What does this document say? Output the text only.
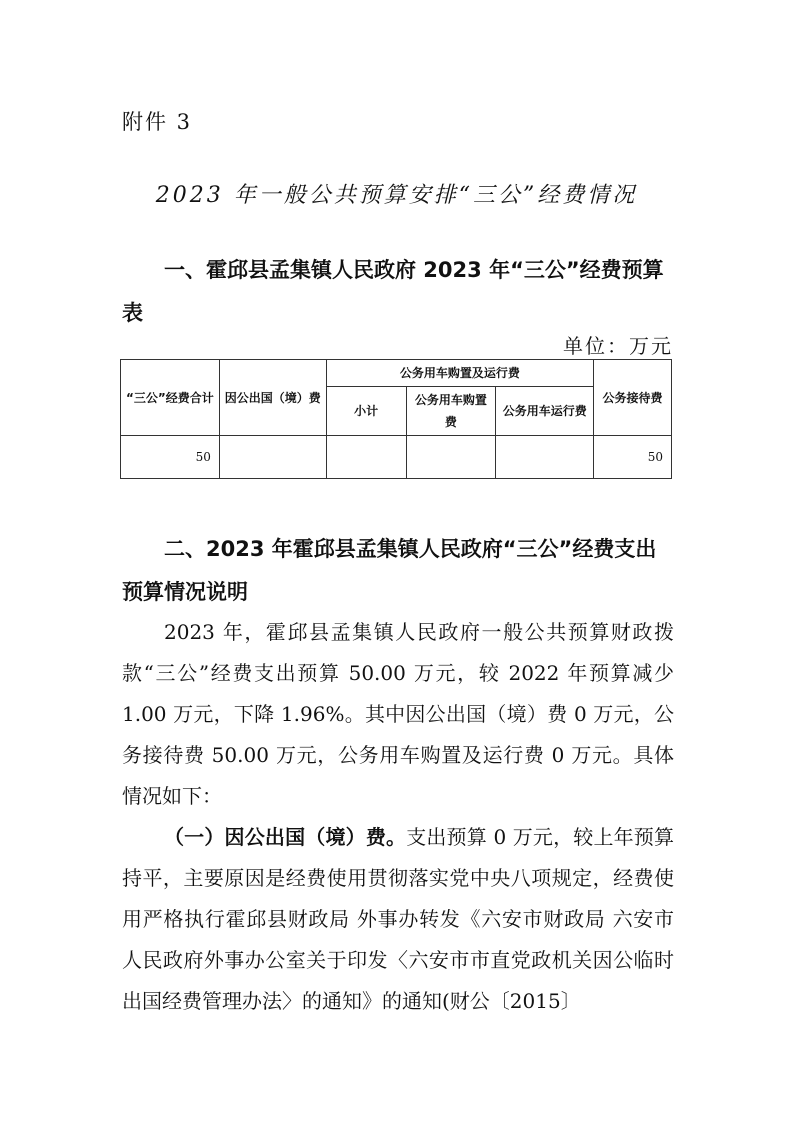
附件 3
2023 年一般公共预算安排“三公”经费情况
一、霍邱县孟集镇人民政府 2023 年“三公”经费预算表
单位：万元
“三公”经费合计	因公出国（境）费	公务用车购置及运行费			公务接待费
		小计	公务用车购置费	公务用车运行费	
50					50
二、2023 年霍邱县孟集镇人民政府“三公”经费支出预算情况说明
2023 年，霍邱县孟集镇人民政府一般公共预算财政拨款“三公”经费支出预算 50.00 万元，较 2022 年预算减少 1.00 万元，下降 1.96%。其中因公出国（境）费 0 万元，公务接待费 50.00 万元，公务用车购置及运行费 0 万元。具体情况如下：
（一）因公出国（境）费。支出预算 0 万元，较上年预算持平，主要原因是经费使用贯彻落实党中央八项规定，经费使用严格执行霍邱县财政局 外事办转发《六安市财政局 六安市人民政府外事办公室关于印发〈六安市市直党政机关因公临时出国经费管理办法〉的通知》的通知(财公〔2015〕
